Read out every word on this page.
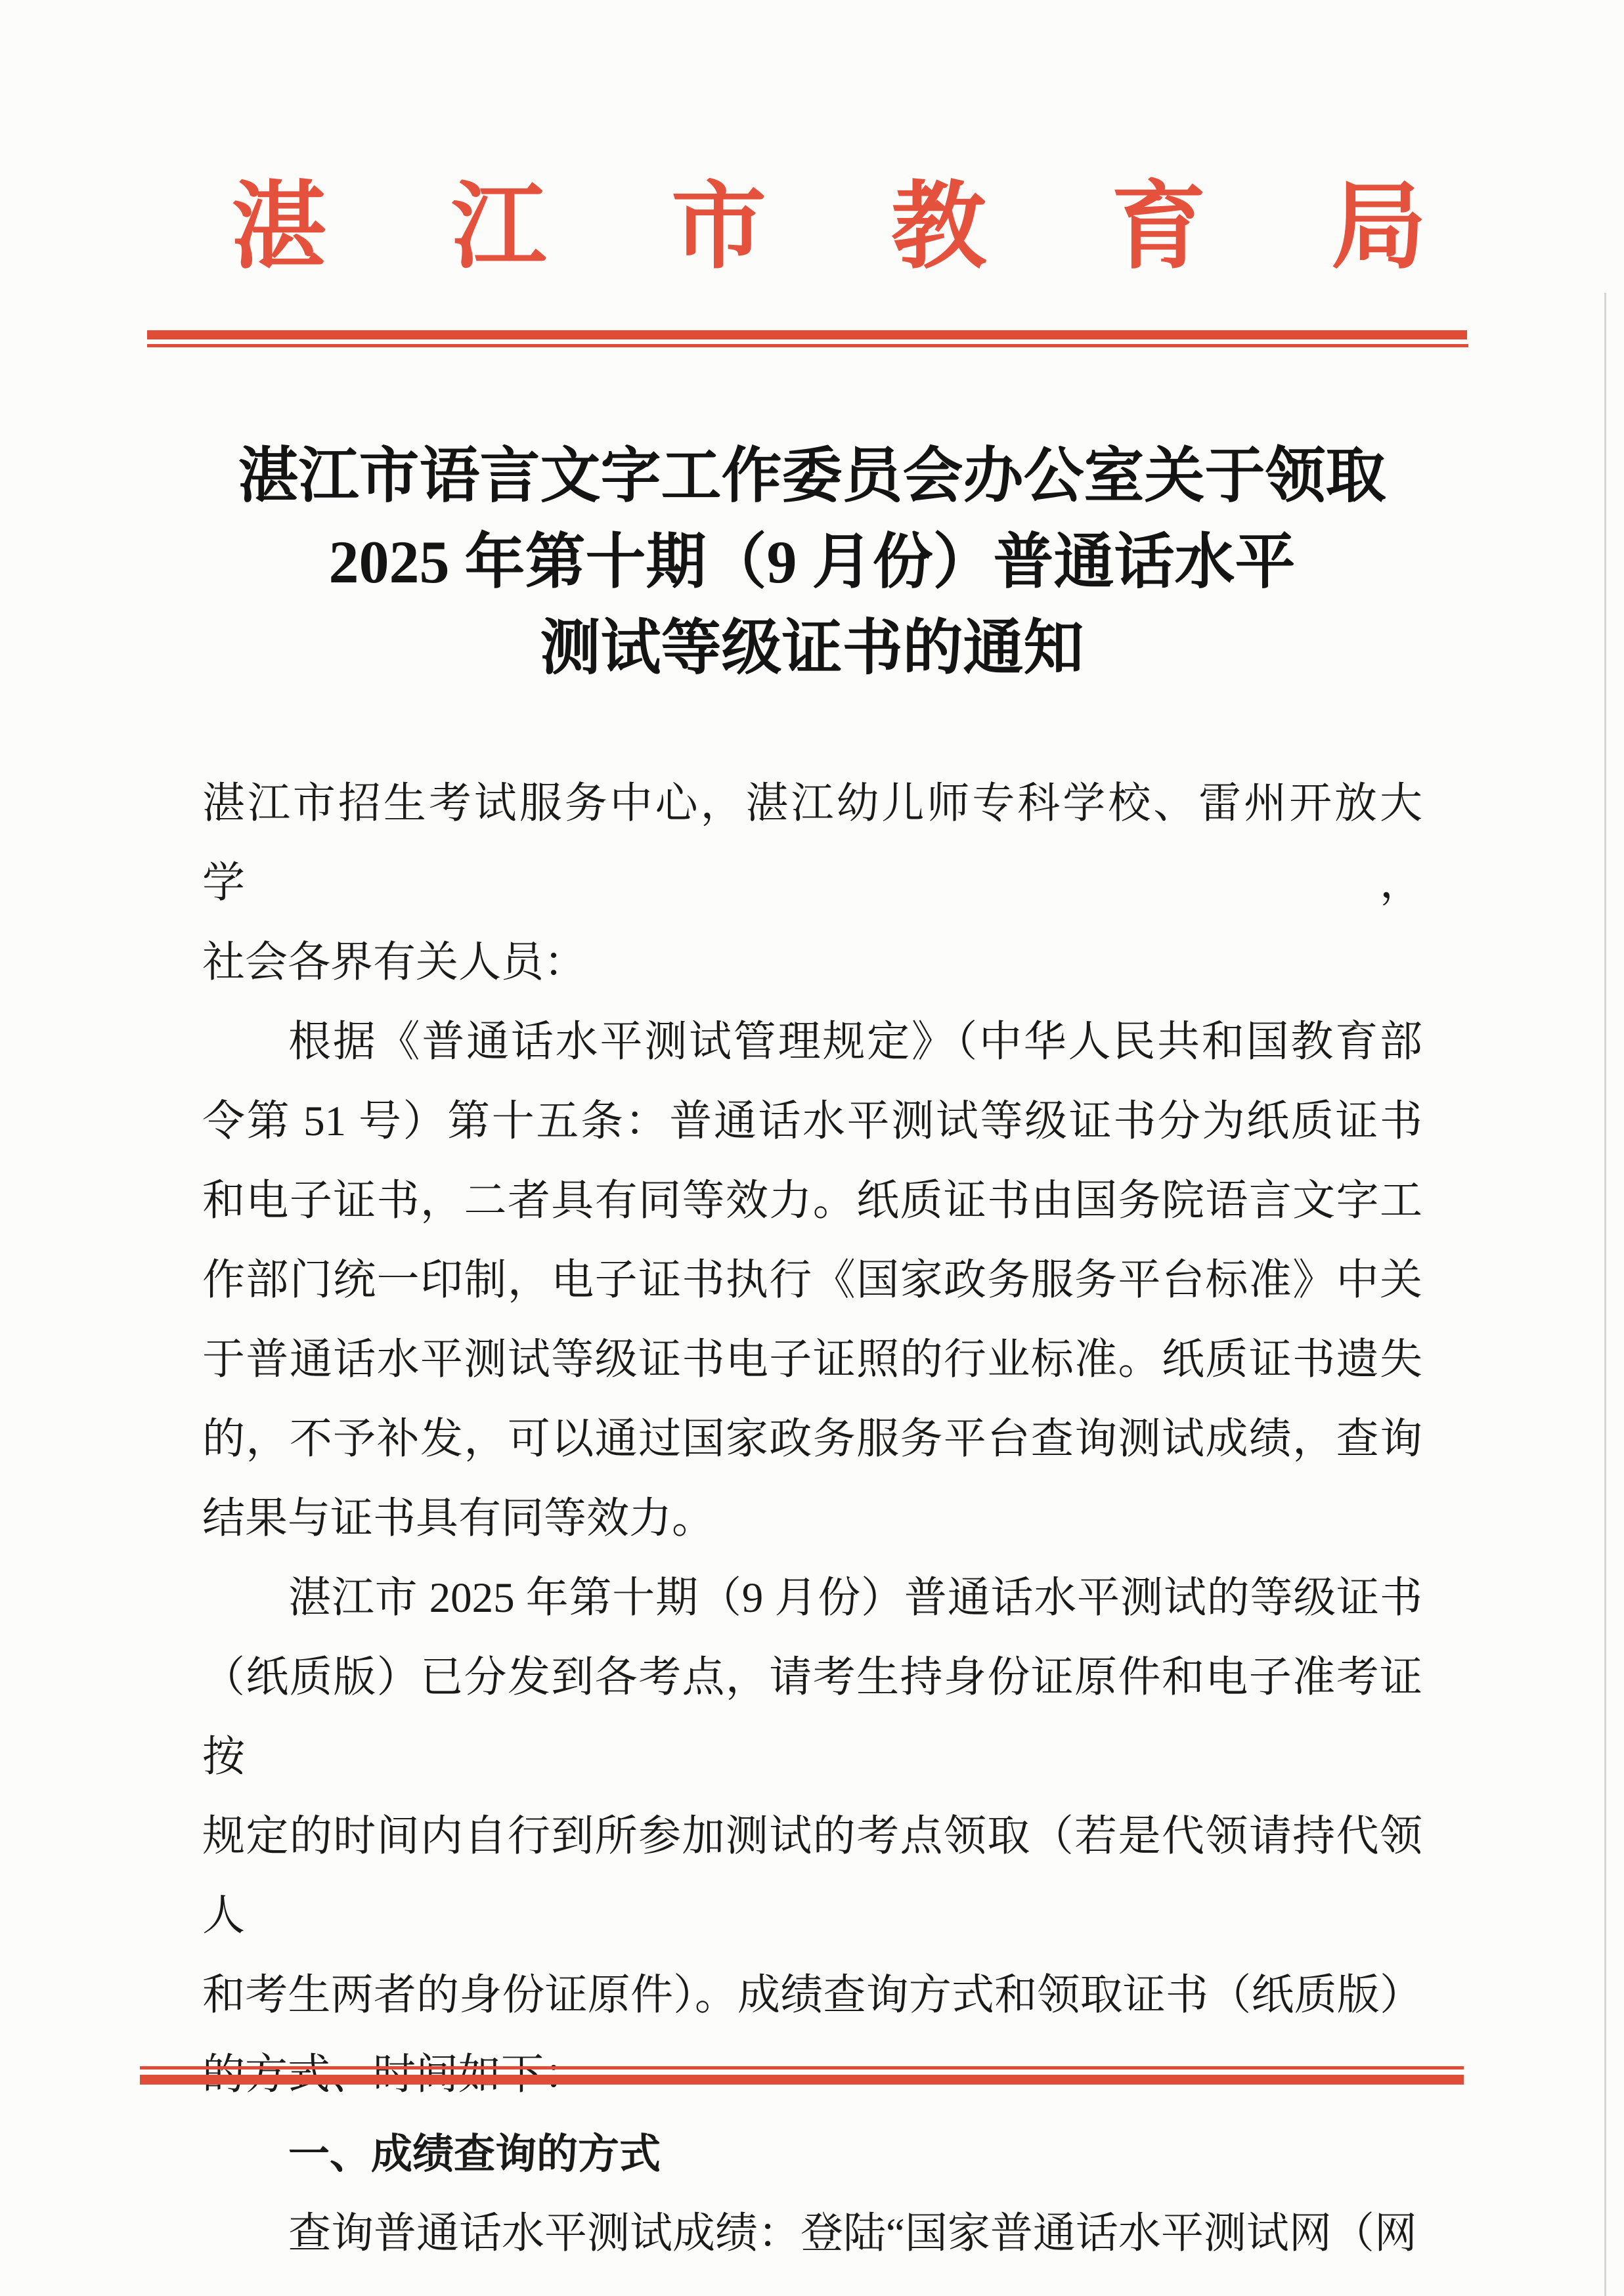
湛江市教育局
湛江市语言文字工作委员会办公室关于领取
2025 年第十期（9 月份）普通话水平
测试等级证书的通知
湛江市招生考试服务中心，湛江幼儿师专科学校、雷州开放大学，
社会各界有关人员：
根据《普通话水平测试管理规定》（中华人民共和国教育部
令第 51 号）第十五条：普通话水平测试等级证书分为纸质证书
和电子证书，二者具有同等效力。纸质证书由国务院语言文字工
作部门统一印制，电子证书执行《国家政务服务平台标准》中关
于普通话水平测试等级证书电子证照的行业标准。纸质证书遗失
的，不予补发，可以通过国家政务服务平台查询测试成绩，查询
结果与证书具有同等效力。
湛江市 2025 年第十期（9 月份）普通话水平测试的等级证书
（纸质版）已分发到各考点，请考生持身份证原件和电子准考证按
规定的时间内自行到所参加测试的考点领取（若是代领请持代领人
和考生两者的身份证原件）。成绩查询方式和领取证书（纸质版）
一、成绩查询的方式
查询普通话水平测试成绩：登陆“国家普通话水平测试网（网
